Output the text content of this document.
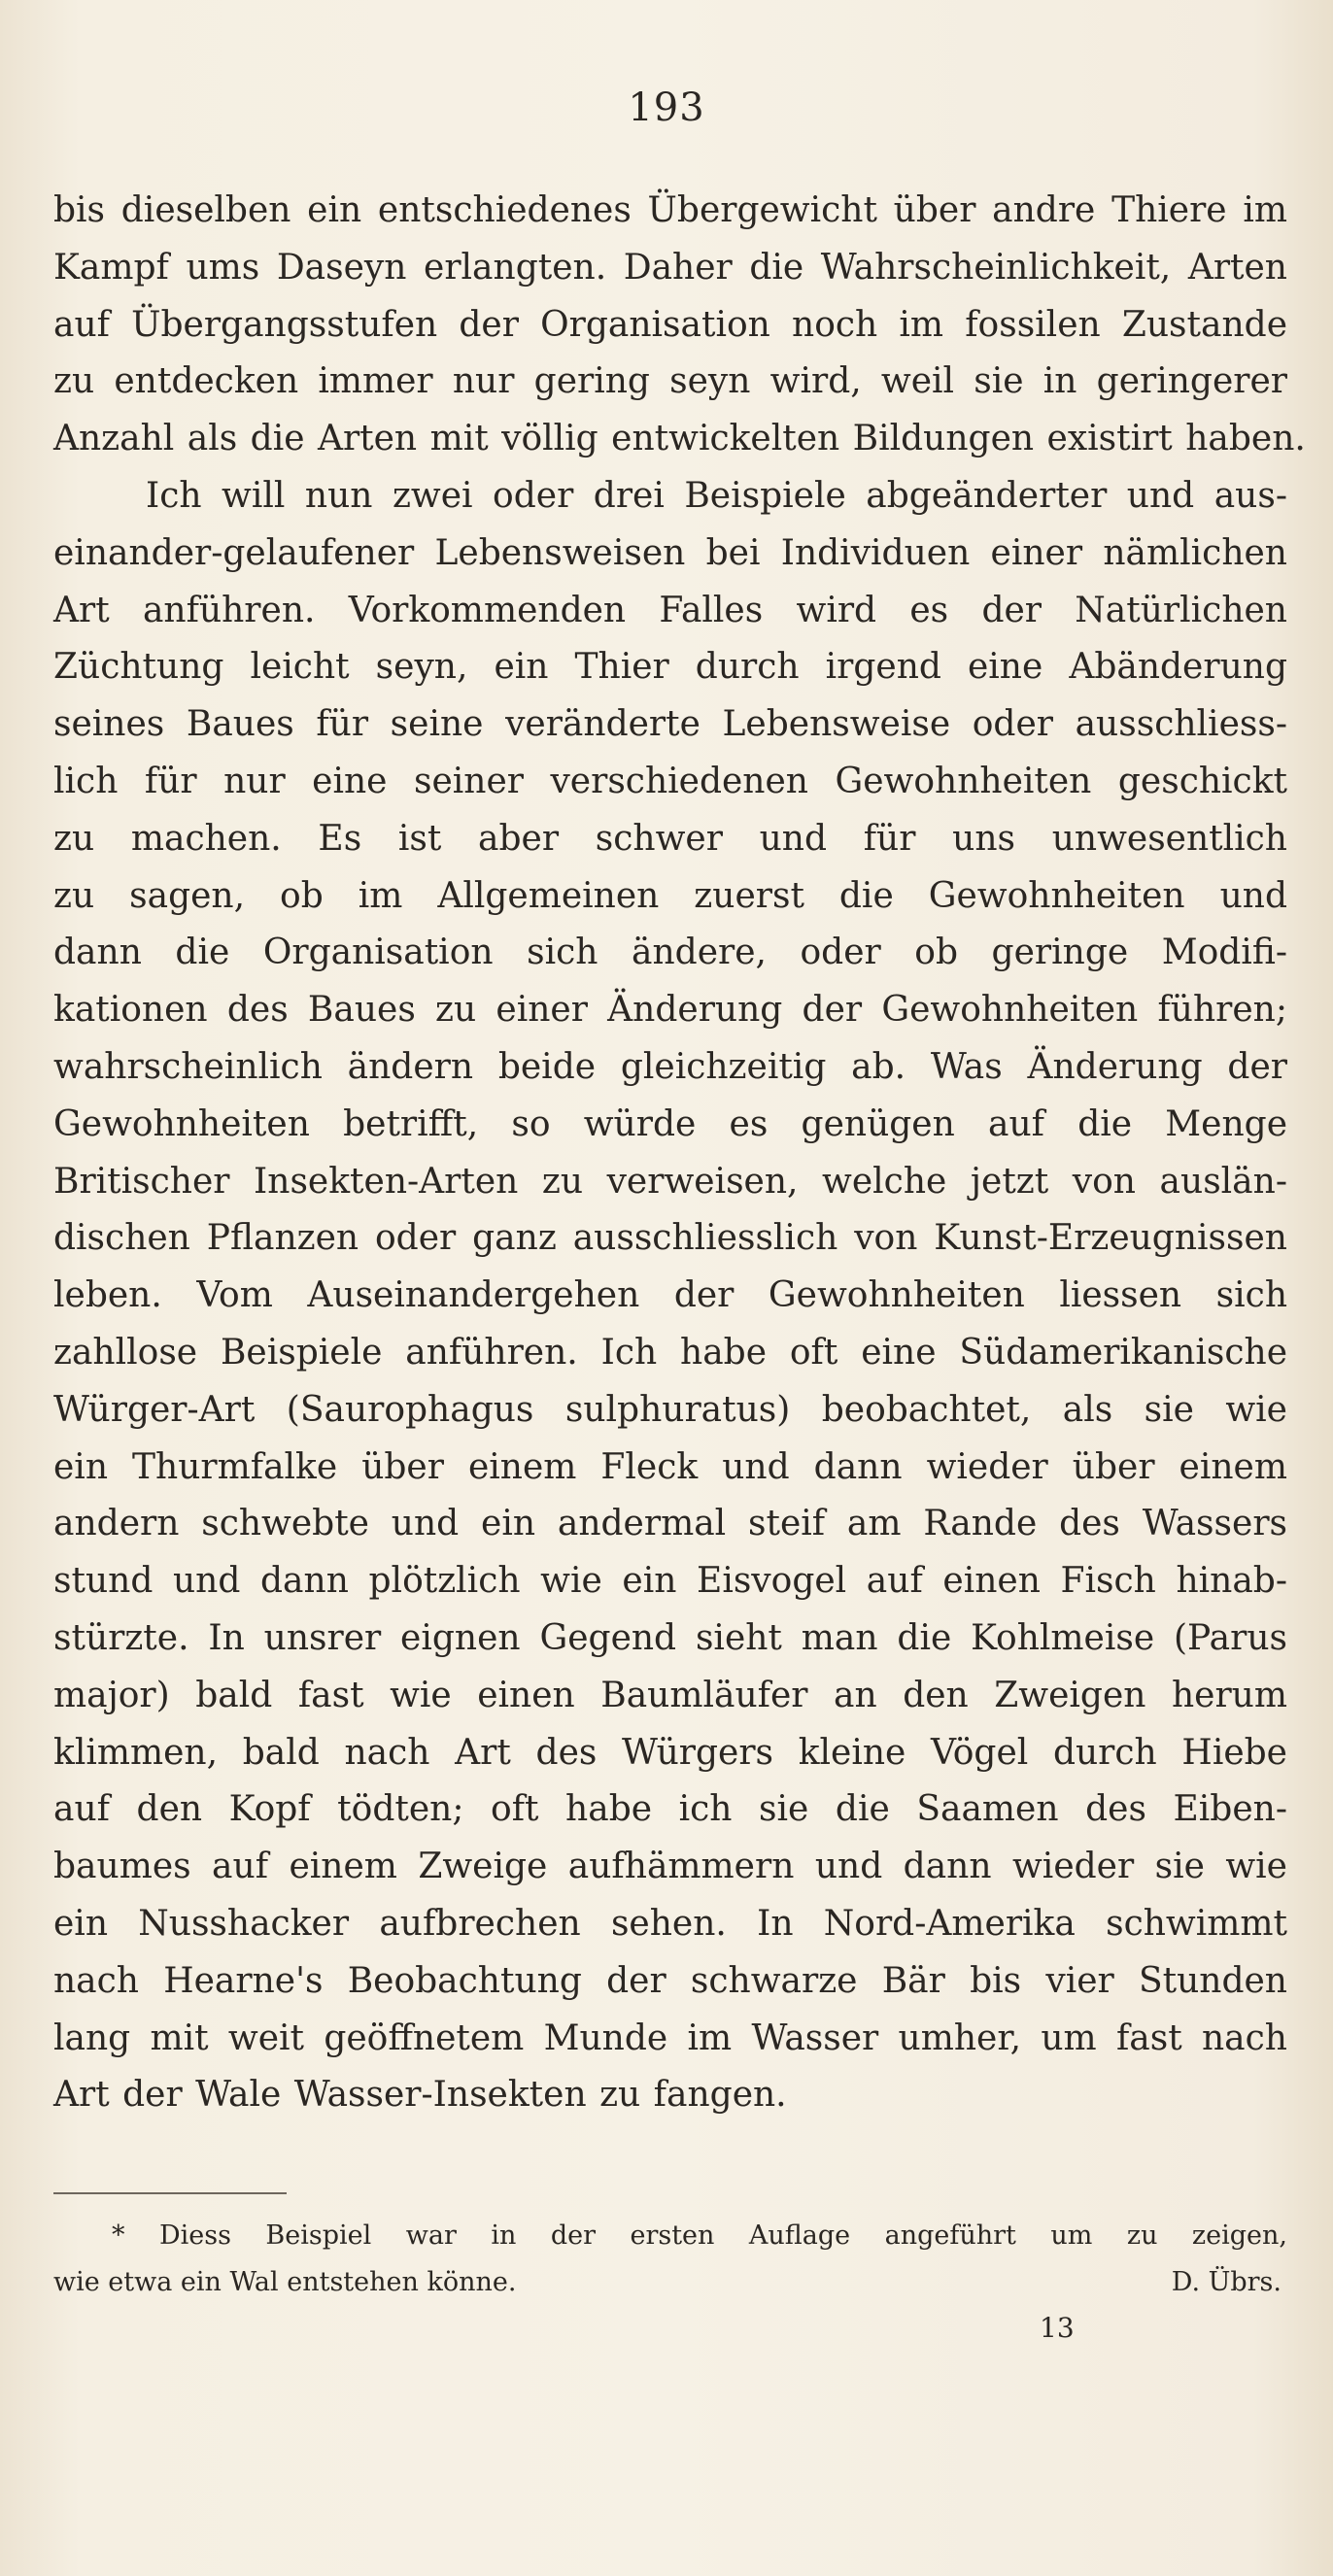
193
bis dieselben ein entschiedenes Übergewicht über andre Thiere im
Kampf ums Daseyn erlangten. Daher die Wahrscheinlichkeit, Arten
auf Übergangsstufen der Organisation noch im fossilen Zustande
zu entdecken immer nur gering seyn wird, weil sie in geringerer
Anzahl als die Arten mit völlig entwickelten Bildungen existirt haben.
Ich will nun zwei oder drei Beispiele abgeänderter und aus-
einander-gelaufener Lebensweisen bei Individuen einer nämlichen
Art anführen. Vorkommenden Falles wird es der Natürlichen
Züchtung leicht seyn, ein Thier durch irgend eine Abänderung
seines Baues für seine veränderte Lebensweise oder ausschliess-
lich für nur eine seiner verschiedenen Gewohnheiten geschickt
zu machen. Es ist aber schwer und für uns unwesentlich
zu sagen, ob im Allgemeinen zuerst die Gewohnheiten und
dann die Organisation sich ändere, oder ob geringe Modifi-
kationen des Baues zu einer Änderung der Gewohnheiten führen;
wahrscheinlich ändern beide gleichzeitig ab. Was Änderung der
Gewohnheiten betrifft, so würde es genügen auf die Menge
Britischer Insekten-Arten zu verweisen, welche jetzt von auslän-
dischen Pflanzen oder ganz ausschliesslich von Kunst-Erzeugnissen
leben. Vom Auseinandergehen der Gewohnheiten liessen sich
zahllose Beispiele anführen. Ich habe oft eine Südamerikanische
Würger-Art (Saurophagus sulphuratus) beobachtet, als sie wie
ein Thurmfalke über einem Fleck und dann wieder über einem
andern schwebte und ein andermal steif am Rande des Wassers
stund und dann plötzlich wie ein Eisvogel auf einen Fisch hinab-
stürzte. In unsrer eignen Gegend sieht man die Kohlmeise (Parus
major) bald fast wie einen Baumläufer an den Zweigen herum
klimmen, bald nach Art des Würgers kleine Vögel durch Hiebe
auf den Kopf tödten; oft habe ich sie die Saamen des Eiben-
baumes auf einem Zweige aufhämmern und dann wieder sie wie
ein Nusshacker aufbrechen sehen. In Nord-Amerika schwimmt
nach Hearne's Beobachtung der schwarze Bär bis vier Stunden
lang mit weit geöffnetem Munde im Wasser umher, um fast nach
Art der Wale Wasser-Insekten zu fangen.
* Diess Beispiel war in der ersten Auflage angeführt um zu zeigen,
wie etwa ein Wal entstehen könne.	D. Übrs.
13
